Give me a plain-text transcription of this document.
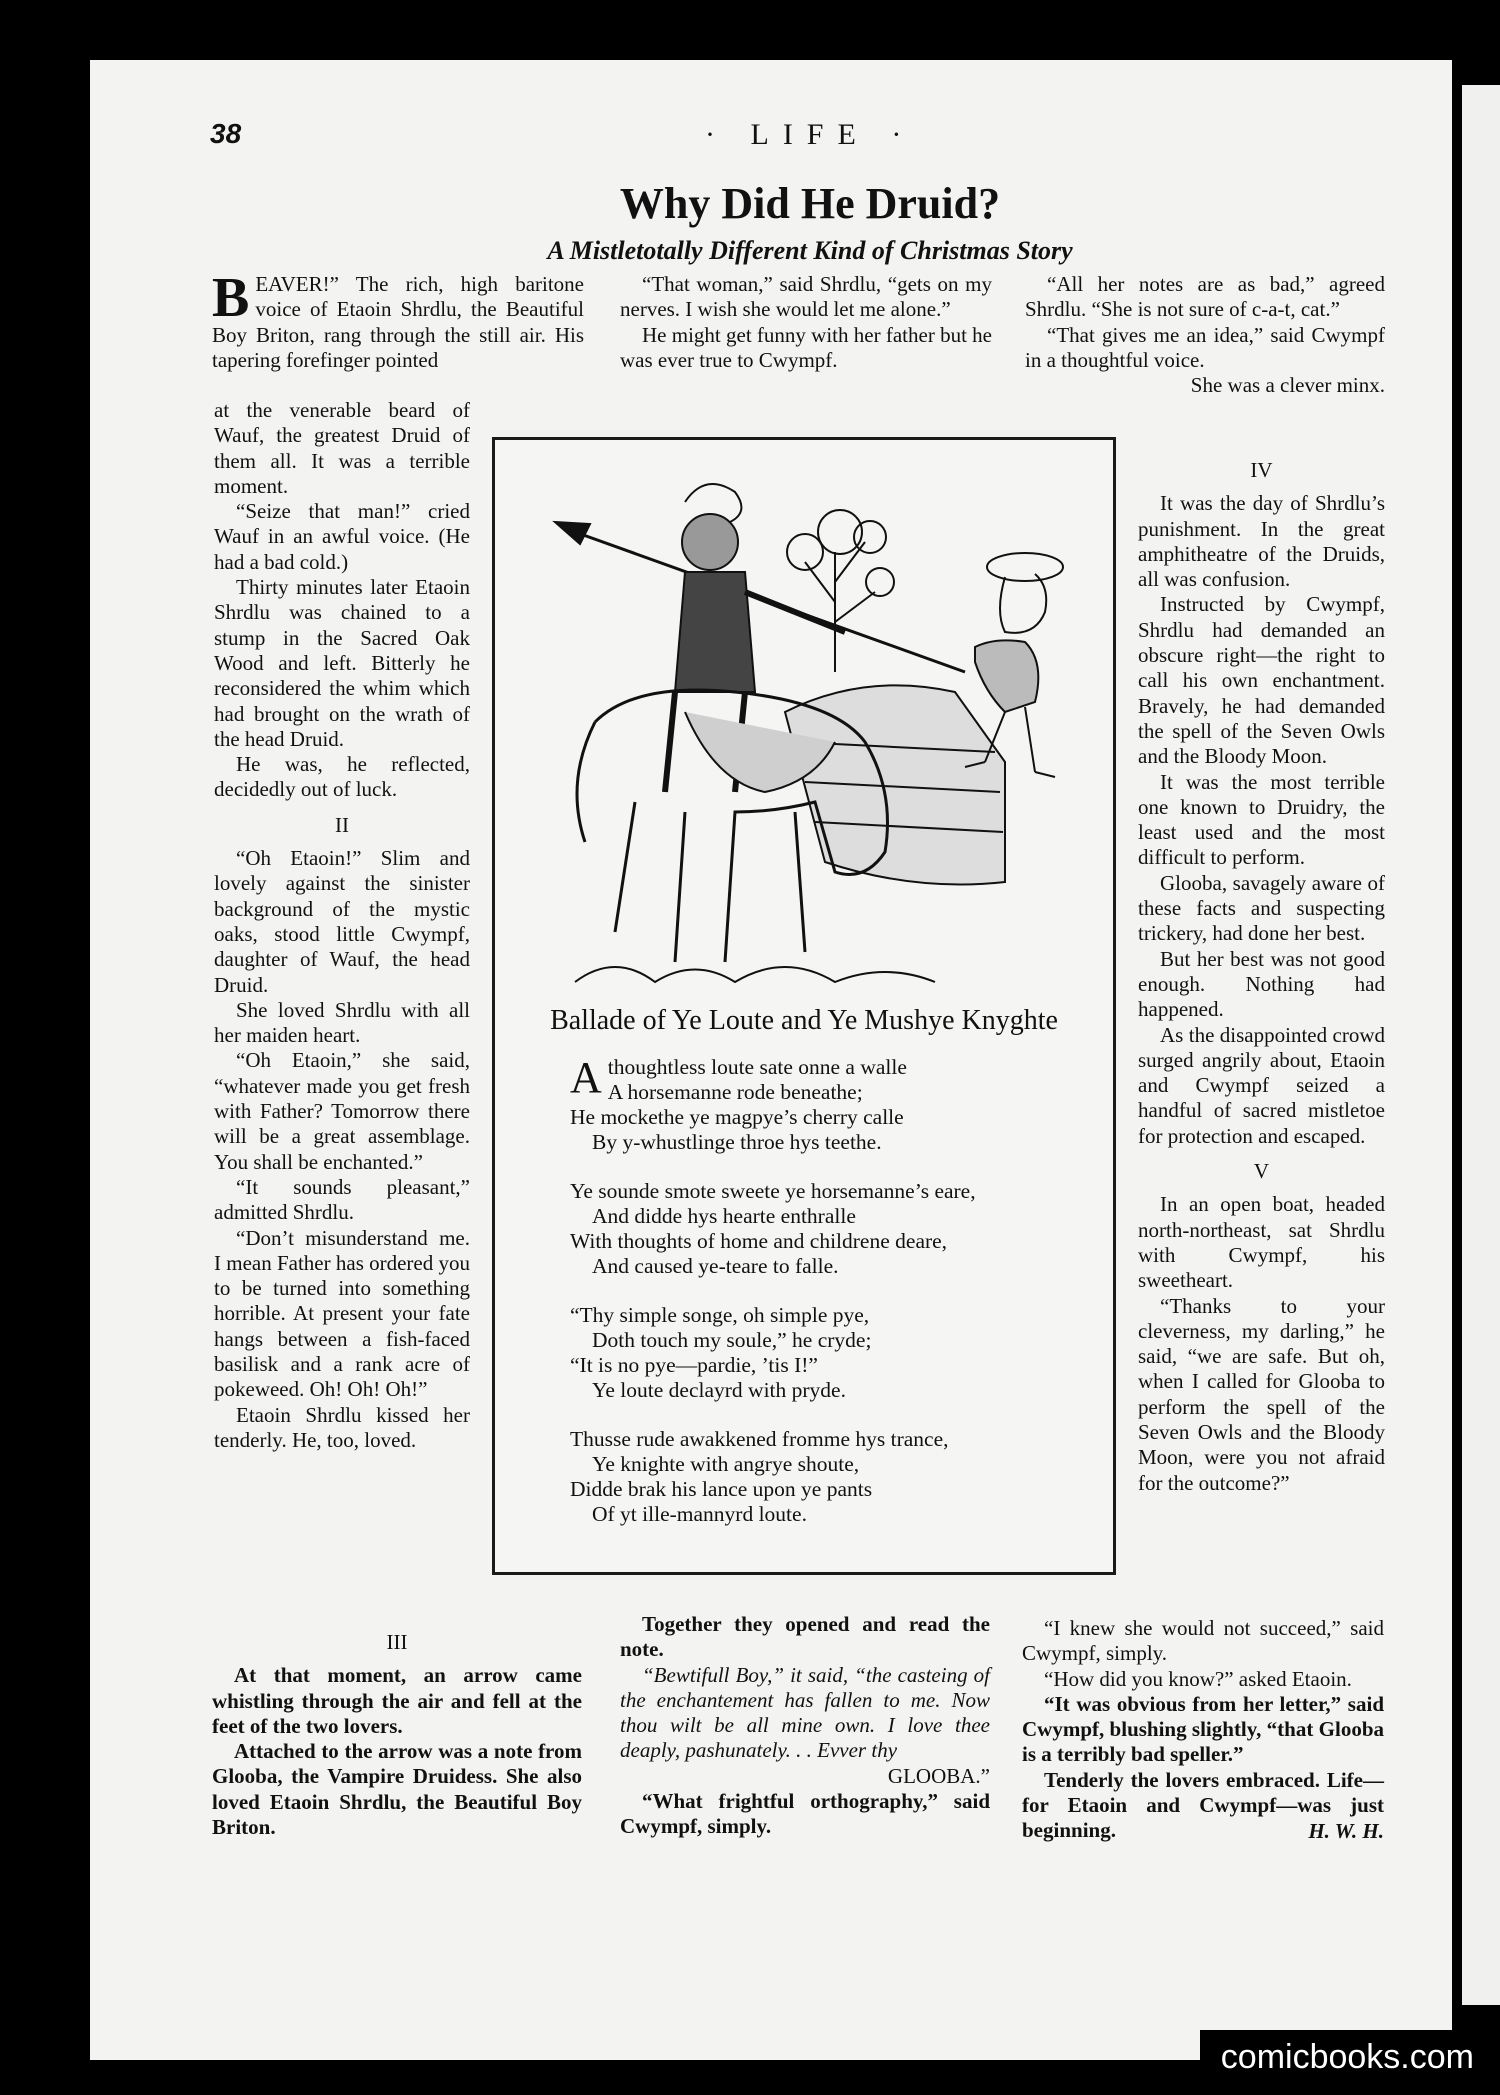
38	· LIFE ·
Why Did He Druid?
A Mistletotally Different Kind of Christmas Story

BEAVER!” The rich, high baritone voice of Etaoin Shrdlu, the Beautiful Boy Briton, rang through the still air. His tapering forefinger pointed

at the venerable beard of Wauf, the greatest Druid of them all. It was a terrible moment.

“Seize that man!” cried Wauf in an awful voice. (He had a bad cold.)

Thirty minutes later Etaoin Shrdlu was chained to a stump in the Sacred Oak Wood and left. Bitterly he reconsidered the whim which had brought on the wrath of the head Druid.

He was, he reflected, decidedly out of luck.

II

“Oh Etaoin!” Slim and lovely against the sinister background of the mystic oaks, stood little Cwympf, daughter of Wauf, the head Druid.

She loved Shrdlu with all her maiden heart.

“Oh Etaoin,” she said, “whatever made you get fresh with Father? Tomorrow there will be a great assemblage. You shall be enchanted.”

“It sounds pleasant,” admitted Shrdlu.

“Don’t misunderstand me. I mean Father has ordered you to be turned into something horrible. At present your fate hangs between a fish-faced basilisk and a rank acre of pokeweed. Oh! Oh! Oh!”

Etaoin Shrdlu kissed her tenderly. He, too, loved.

III

At that moment, an arrow came whistling through the air and fell at the feet of the two lovers.

Attached to the arrow was a note from Glooba, the Vampire Druidess. She also loved Etaoin Shrdlu, the Beautiful Boy Briton.

“That woman,” said Shrdlu, “gets on my nerves. I wish she would let me alone.”

He might get funny with her father but he was ever true to Cwympf.

Together they opened and read the note.

“Bewtifull Boy,” it said, “the casteing of the enchantement has fallen to me. Now thou wilt be all mine own. I love thee deaply, pashunately. . . Evver thy

GLOOBA.”

“What frightful orthography,” said Cwympf, simply.

“All her notes are as bad,” agreed Shrdlu. “She is not sure of c-a-t, cat.”

“That gives me an idea,” said Cwympf in a thoughtful voice.

She was a clever minx.

IV

It was the day of Shrdlu’s punishment. In the great amphitheatre of the Druids, all was confusion.

Instructed by Cwympf, Shrdlu had demanded an obscure right—the right to call his own enchantment. Bravely, he had demanded the spell of the Seven Owls and the Bloody Moon.

It was the most terrible one known to Druidry, the least used and the most difficult to perform.

Glooba, savagely aware of these facts and suspecting trickery, had done her best.

But her best was not good enough. Nothing had happened.

As the disappointed crowd surged angrily about, Etaoin and Cwympf seized a handful of sacred mistletoe for protection and escaped.

V

In an open boat, headed north-northeast, sat Shrdlu with Cwympf, his sweetheart.

“Thanks to your cleverness, my darling,” he said, “we are safe. But oh, when I called for Glooba to perform the spell of the Seven Owls and the Bloody Moon, were you not afraid for the outcome?”

“I knew she would not succeed,” said Cwympf, simply.

“How did you know?” asked Etaoin.

“It was obvious from her letter,” said Cwympf, blushing slightly, “that Glooba is a terribly bad speller.”

Tenderly the lovers embraced. Life—for Etaoin and Cwympf—was just beginning.	H. W. H.

Ballade of Ye Loute and Ye Mushye Knyghte
Athoughtless loute sate onne a walle
A horsemanne rode beneathe;
He mockethe ye magpye’s cherry calle
By y-whustlinge throe hys teethe.
Ye sounde smote sweete ye horsemanne’s eare,
And didde hys hearte enthralle
With thoughts of home and childrene deare,
And caused ye-teare to falle.
“Thy simple songe, oh simple pye,
Doth touch my soule,” he cryde;
“It is no pye—pardie, ’tis I!”
Ye loute declayrd with pryde.
Thusse rude awakkened fromme hys trance,
Ye knighte with angrye shoute,
Didde brak his lance upon ye pants
Of yt ille-mannyrd loute.
comicbooks.com
